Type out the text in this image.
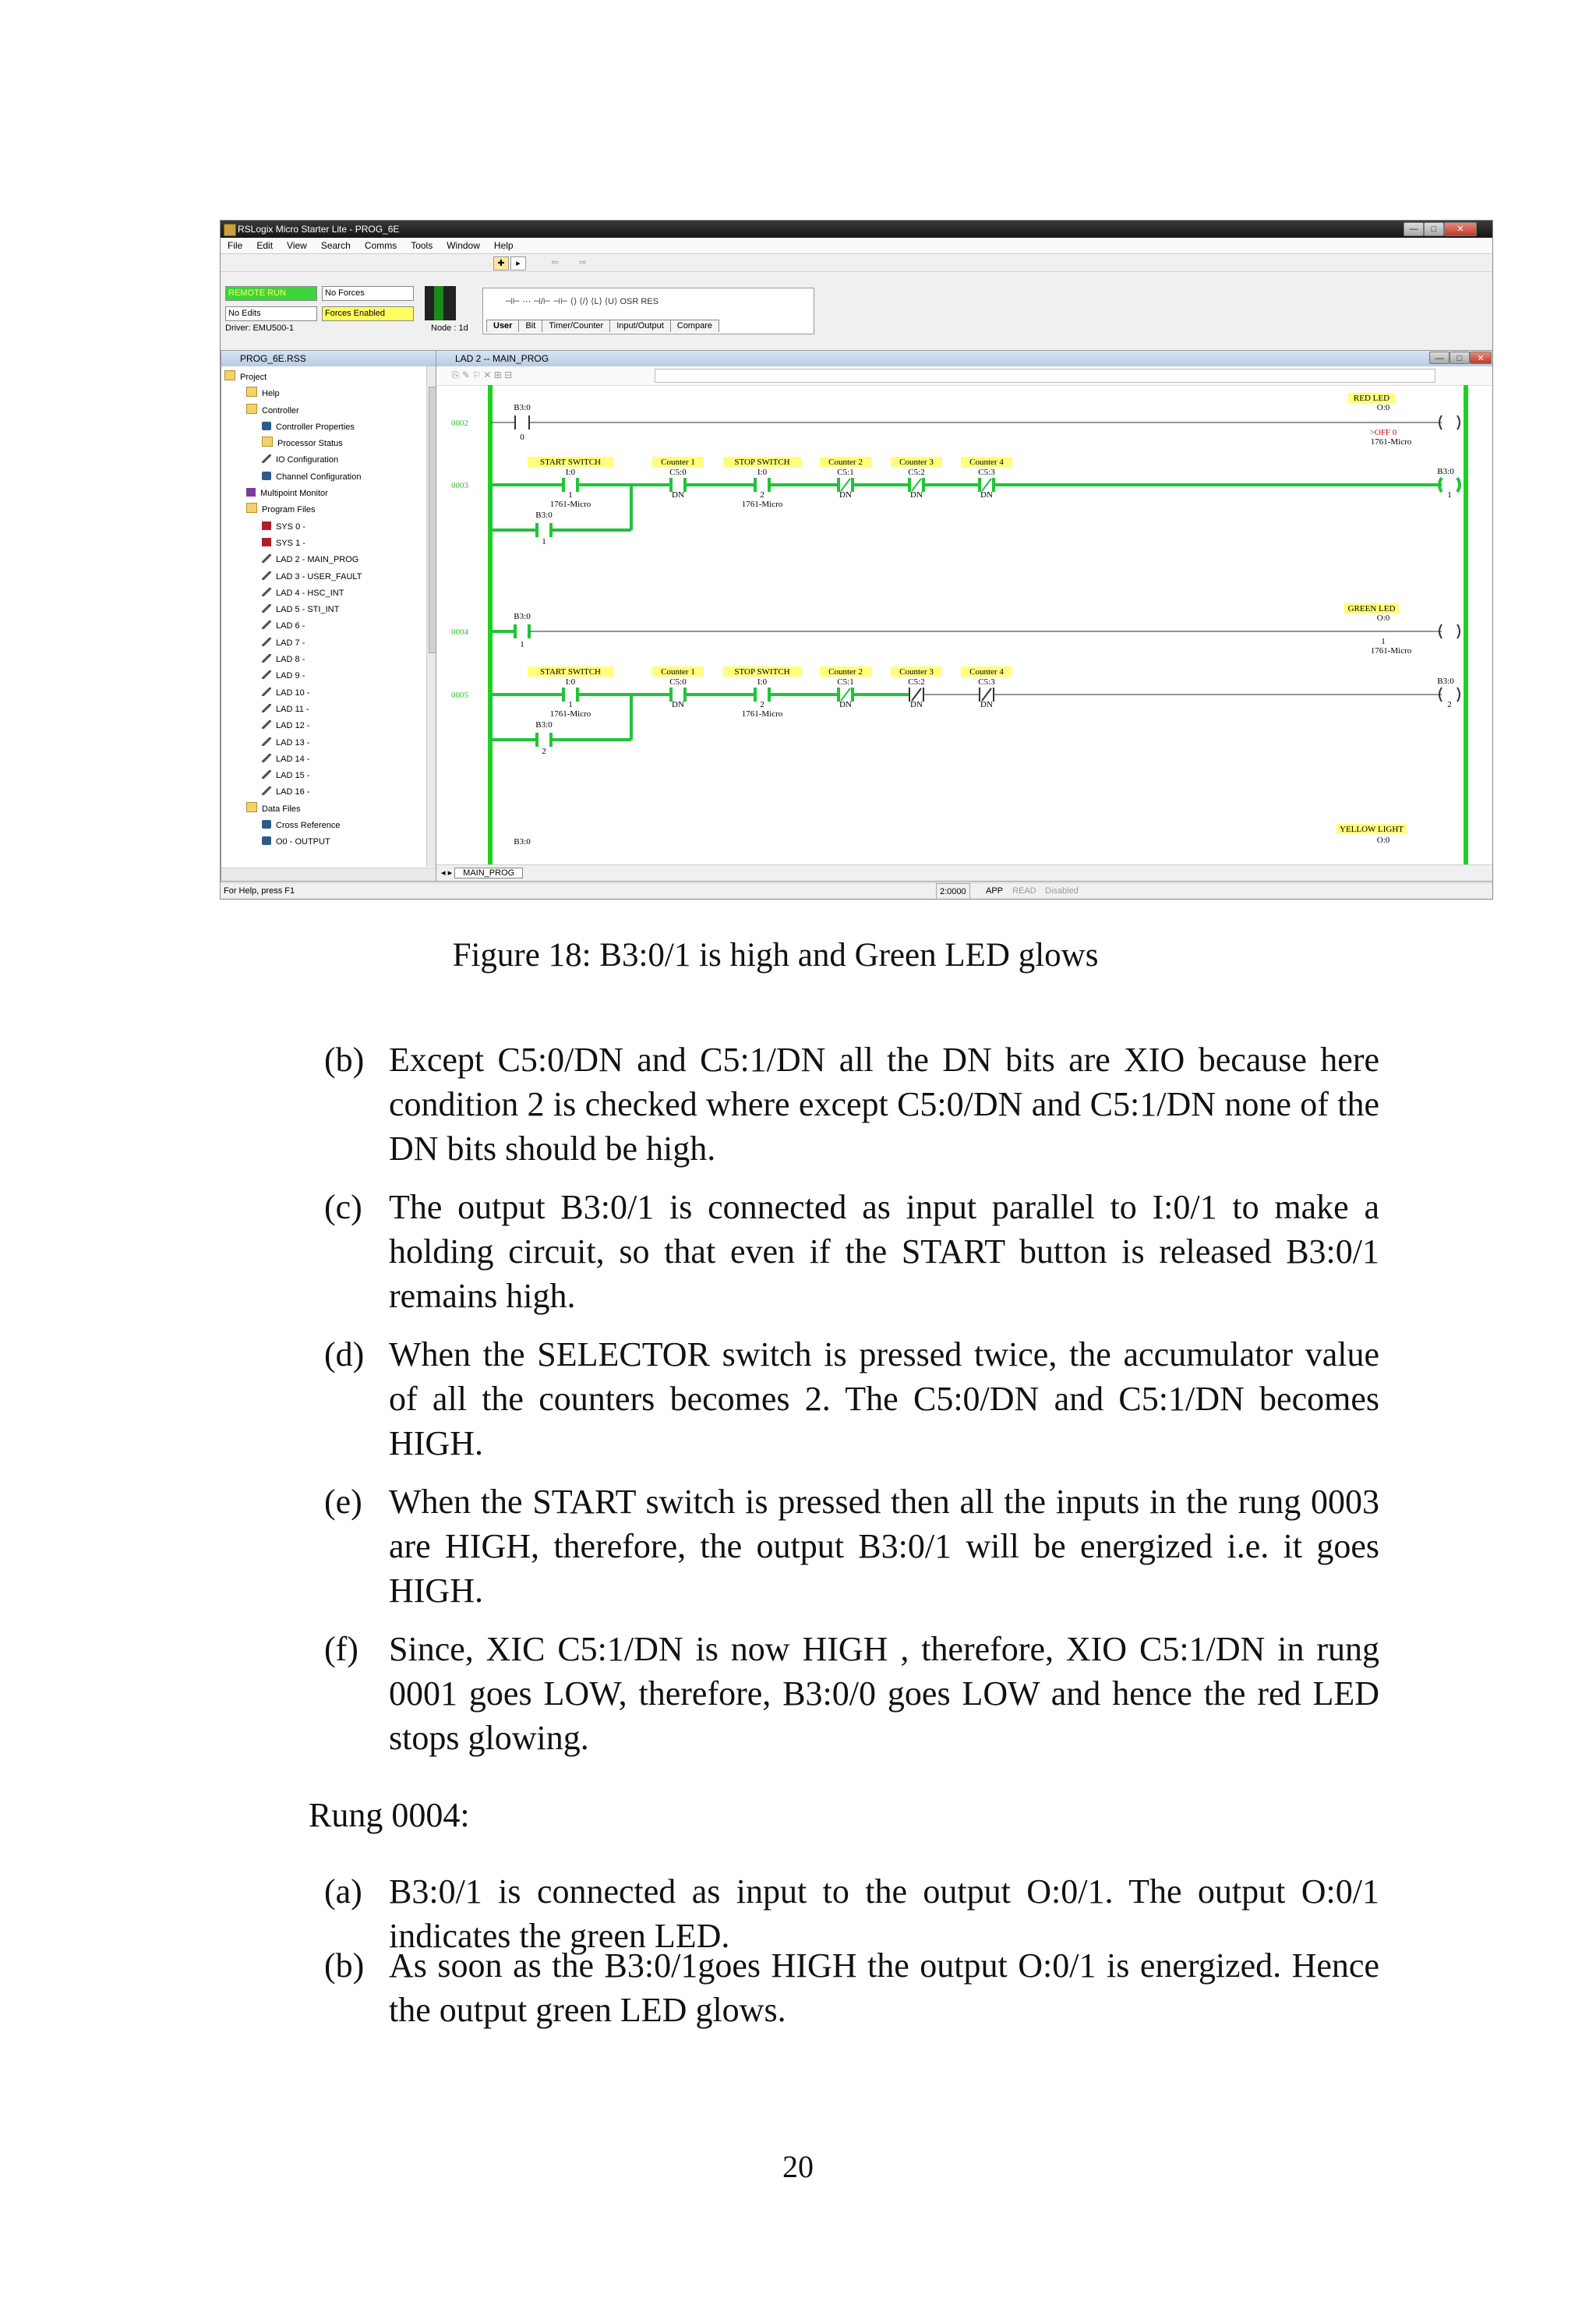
RSLogix Micro Starter Lite - PROG_6E	—	□	✕
File Edit View Search Comms Tools Window Help
✚	▸	⇦	⇨
REMOTE RUN	No Forces
No Edits	Forces Enabled
Driver: EMU500-1	Node : 1d
⊣⊢ ⋯ ⊣/⊢ ⊣⊢ ⟨⟩ ⟨/⟩ ⟨L⟩ ⟨U⟩ OSR RES
User Bit Timer/Counter Input/Output Compare
PROG_6E.RSS
Project
Help
Controller
Controller Properties
Processor Status
IO Configuration
Channel Configuration
Multipoint Monitor
Program Files
SYS 0 -
SYS 1 -
LAD 2 - MAIN_PROG
LAD 3 - USER_FAULT
LAD 4 - HSC_INT
LAD 5 - STI_INT
LAD 6 -
LAD 7 -
LAD 8 -
LAD 9 -
LAD 10 -
LAD 11 -
LAD 12 -
LAD 13 -
LAD 14 -
LAD 15 -
LAD 16 -
Data Files
Cross Reference
O0 - OUTPUT
LAD 2 -- MAIN_PROG	—	□	✕
⎘ ✎ ⚐ ✕ ⊞ ⊟
0002
0003
0004
0005
B3:0
0
RED LED
O:0
>OFF 0
1761-Micro
START SWITCH
I:0
1
Counter 1
C5:0
DN
STOP SWITCH
I:0
2
Counter 2
C5:1
DN
Counter 3
C5:2
DN
Counter 4
C5:3
DN
1761-Micro	1761-Micro
B3:0
1
B3:0
1
B3:0
1
GREEN LED
O:0
1
1761-Micro
START SWITCH
I:0
1
Counter 1
C5:0
DN
STOP SWITCH
I:0
2
Counter 2
C5:1
DN
Counter 3
C5:2
DN
Counter 4
C5:3
DN
1761-Micro	1761-Micro
B3:0
2
B3:0
2
B3:0
YELLOW LIGHT
O:0
◂ ▸ MAIN_PROG
For Help, press F1	2:0000	APP READ Disabled
Figure 18: B3:0/1 is high and Green LED glows
(b) Except C5:0/DN and C5:1/DN all the DN bits are XIO because here condition 2 is checked where except C5:0/DN and C5:1/DN none of the DN bits should be high.
(c) The output B3:0/1 is connected as input parallel to I:0/1 to make a holding circuit, so that even if the START button is released B3:0/1 remains high.
(d) When the SELECTOR switch is pressed twice, the accumulator value of all the counters becomes 2. The C5:0/DN and C5:1/DN becomes HIGH.
(e) When the START switch is pressed then all the inputs in the rung 0003 are HIGH, therefore, the output B3:0/1 will be energized i.e. it goes HIGH.
(f) Since, XIC C5:1/DN is now HIGH , therefore, XIO C5:1/DN in rung 0001 goes LOW, therefore, B3:0/0 goes LOW and hence the red LED stops glowing.
Rung 0004:
(a) B3:0/1 is connected as input to the output O:0/1. The output O:0/1 indicates the green LED.
(b) As soon as the B3:0/1goes HIGH the output O:0/1 is energized. Hence the output green LED glows.
20
